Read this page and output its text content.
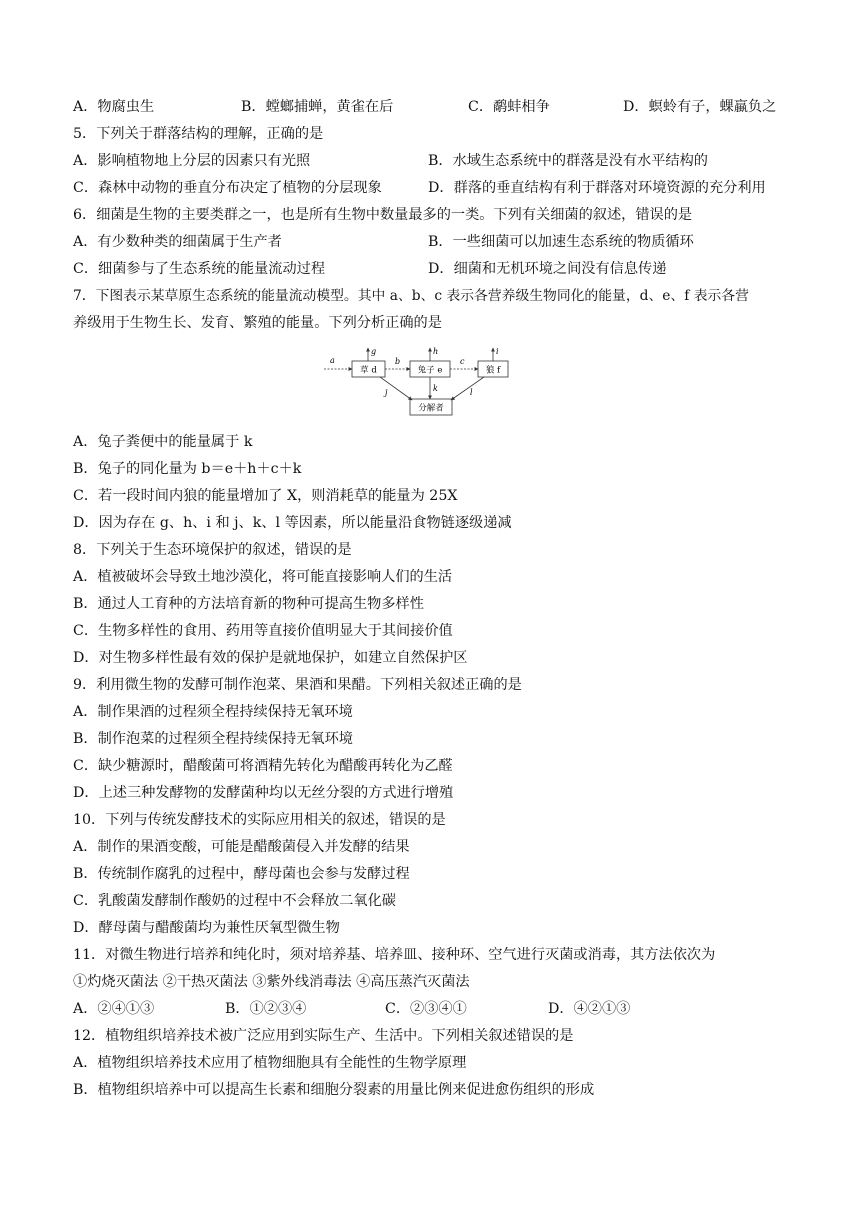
A．物腐虫生	B．螳螂捕蝉，黄雀在后	C．鹬蚌相争	D．螟蛉有子，蜾蠃负之
5．下列关于群落结构的理解，正确的是
A．影响植物地上分层的因素只有光照	B．水域生态系统中的群落是没有水平结构的
C．森林中动物的垂直分布决定了植物的分层现象	D．群落的垂直结构有利于群落对环境资源的充分利用
6．细菌是生物的主要类群之一，也是所有生物中数量最多的一类。下列有关细菌的叙述，错误的是
A．有少数种类的细菌属于生产者	B．一些细菌可以加速生态系统的物质循环
C．细菌参与了生态系统的能量流动过程	D．细菌和无机环境之间没有信息传递
7．下图表示某草原生态系统的能量流动模型。其中 a、b、c 表示各营养级生物同化的能量，d、e、f 表示各营
养级用于生物生长、发育、繁殖的能量。下列分析正确的是
a
草 d
b
兔子 e
c
狼 f
g	h	i
分解者
j	k	l
A．兔子粪便中的能量属于 k
B．兔子的同化量为 b＝e＋h＋c＋k
C．若一段时间内狼的能量增加了 X，则消耗草的能量为 25X
D．因为存在 g、h、i 和 j、k、l 等因素，所以能量沿食物链逐级递减
8．下列关于生态环境保护的叙述，错误的是
A．植被破坏会导致土地沙漠化，将可能直接影响人们的生活
B．通过人工育种的方法培育新的物种可提高生物多样性
C．生物多样性的食用、药用等直接价值明显大于其间接价值
D．对生物多样性最有效的保护是就地保护，如建立自然保护区
9．利用微生物的发酵可制作泡菜、果酒和果醋。下列相关叙述正确的是
A．制作果酒的过程须全程持续保持无氧环境
B．制作泡菜的过程须全程持续保持无氧环境
C．缺少糖源时，醋酸菌可将酒精先转化为醋酸再转化为乙醛
D．上述三种发酵物的发酵菌种均以无丝分裂的方式进行增殖
10．下列与传统发酵技术的实际应用相关的叙述，错误的是
A．制作的果酒变酸，可能是醋酸菌侵入并发酵的结果
B．传统制作腐乳的过程中，酵母菌也会参与发酵过程
C．乳酸菌发酵制作酸奶的过程中不会释放二氧化碳
D．酵母菌与醋酸菌均为兼性厌氧型微生物
11．对微生物进行培养和纯化时，须对培养基、培养皿、接种环、空气进行灭菌或消毒，其方法依次为
①灼烧灭菌法 ②干热灭菌法 ③紫外线消毒法 ④高压蒸汽灭菌法
A．②④①③	B．①②③④	C．②③④①	D．④②①③
12．植物组织培养技术被广泛应用到实际生产、生活中。下列相关叙述错误的是
A．植物组织培养技术应用了植物细胞具有全能性的生物学原理
B．植物组织培养中可以提高生长素和细胞分裂素的用量比例来促进愈伤组织的形成
